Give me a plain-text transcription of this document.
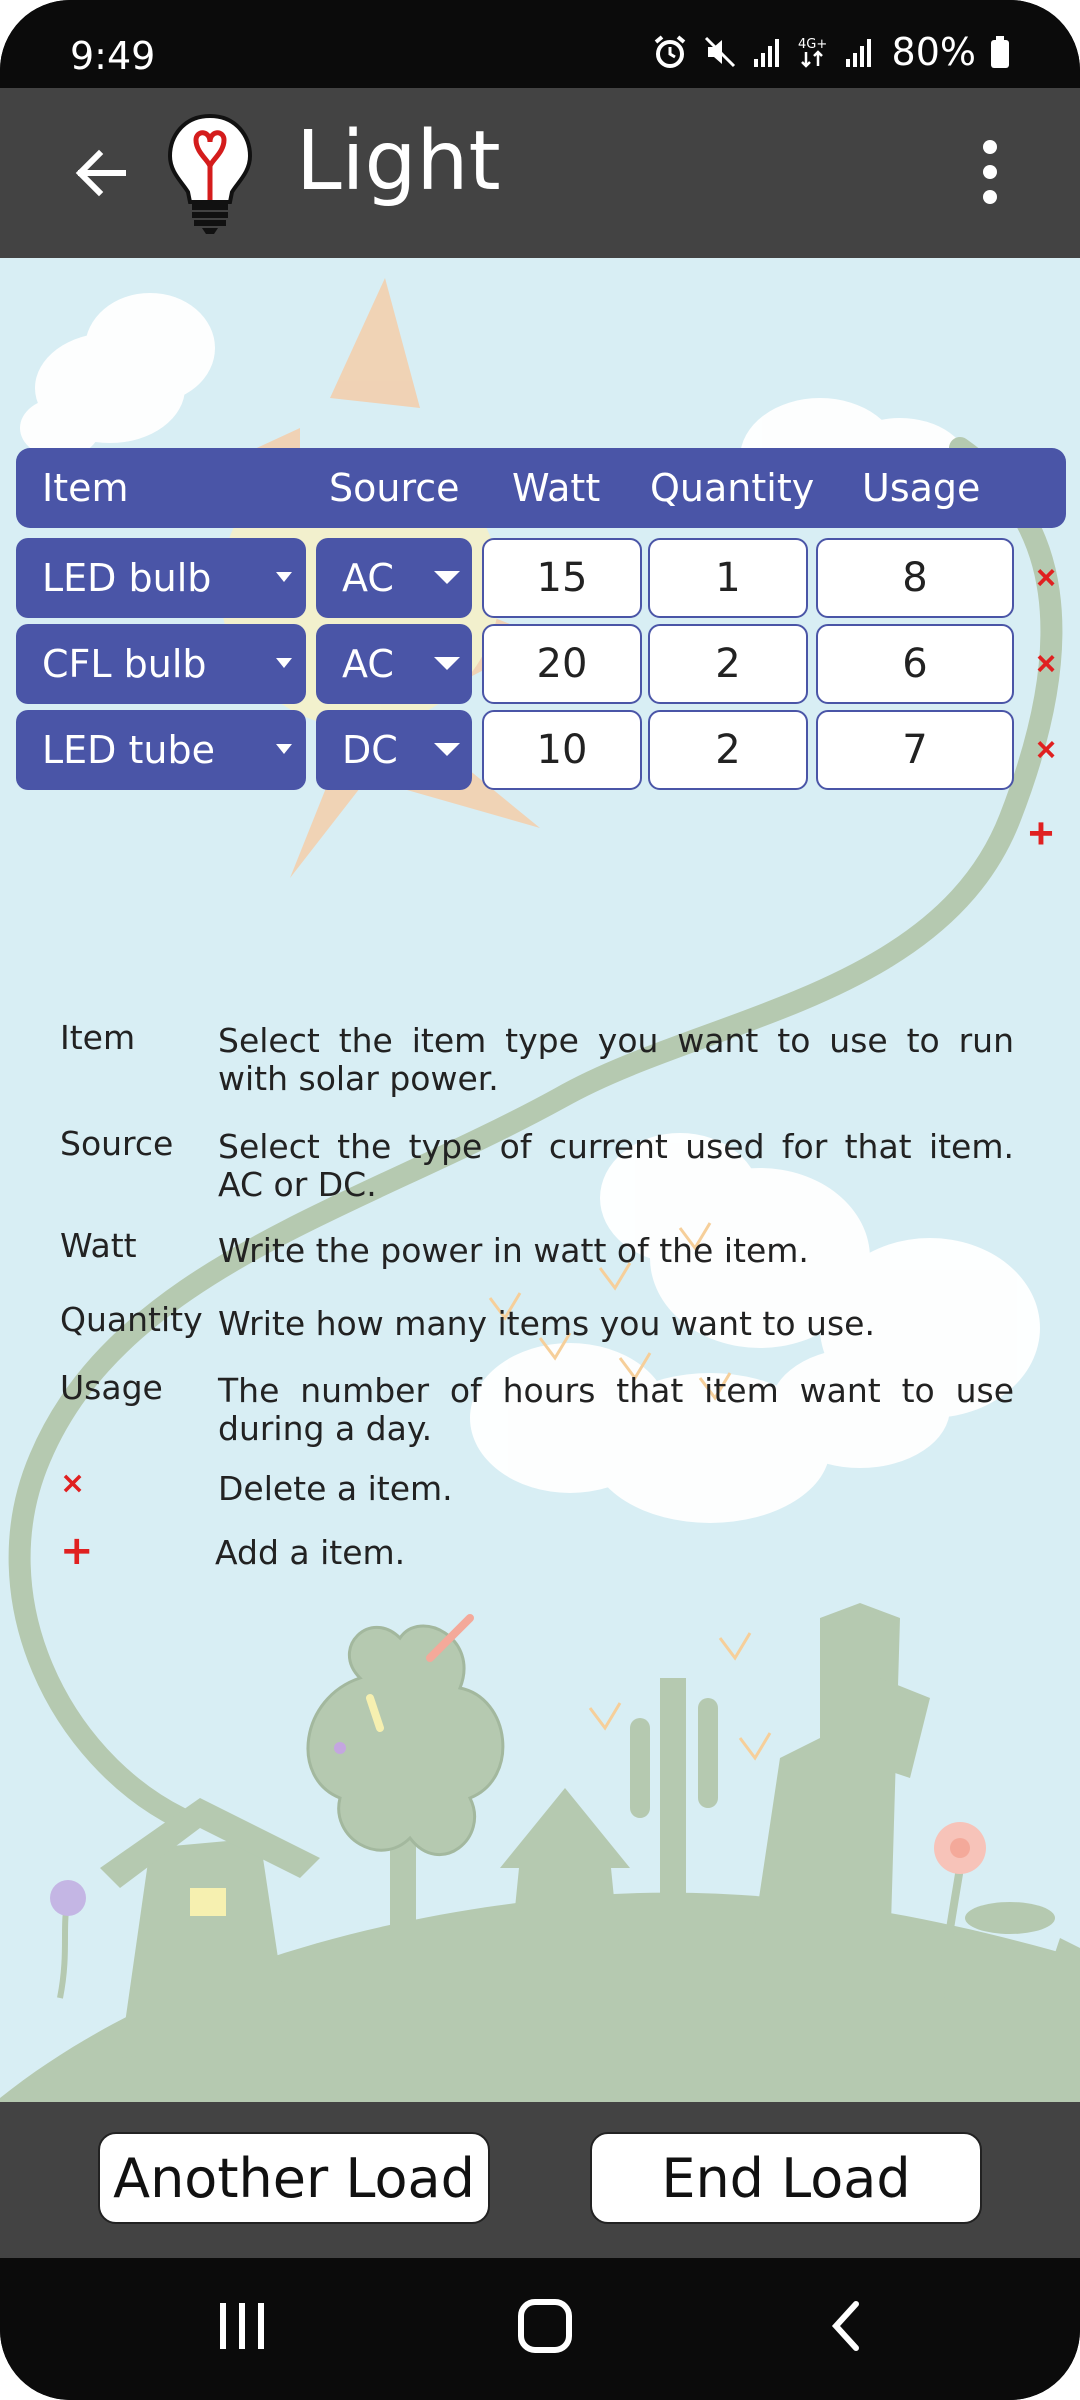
9:49	4G+ 80%
Light
Item	Source Watt Quantity Usage
LED bulb	AC	15	1	8	×
CFL bulb	AC	20	2	6	×
LED tube	DC	10	2	7	×
+
Item	Select the item type you want to use to run with solar power.
Source Select the type of current used for that item. AC or DC.
Watt Write the power in watt of the item.
Quantity Write how many items you want to use.
Usage The number of hours that item want to use during a day.
×	Delete a item.
+	Add a item.
Another Load	End Load
